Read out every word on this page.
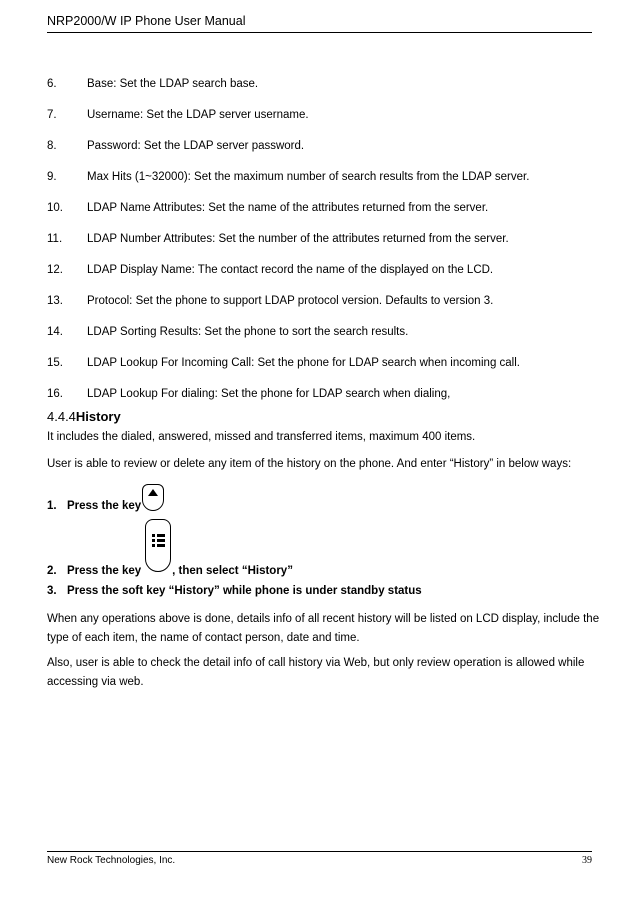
NRP2000/W IP Phone User Manual
6.	Base: Set the LDAP search base.
7.	Username: Set the LDAP server username.
8.	Password: Set the LDAP server password.
9.	Max Hits (1~32000): Set the maximum number of search results from the LDAP server.
10. LDAP Name Attributes: Set the name of the attributes returned from the server.
11. LDAP Number Attributes: Set the number of the attributes returned from the server.
12. LDAP Display Name: The contact record the name of the displayed on the LCD.
13. Protocol: Set the phone to support LDAP protocol version. Defaults to version 3.
14. LDAP Sorting Results: Set the phone to sort the search results.
15. LDAP Lookup For Incoming Call: Set the phone for LDAP search when incoming call.
16. LDAP Lookup For dialing: Set the phone for LDAP search when dialing,
4.4.4History
It includes the dialed, answered, missed and transferred items, maximum 400 items.
User is able to review or delete any item of the history on the phone. And enter “History” in below ways:
1. Press the key
2. Press the key	, then select “History”
3. Press the soft key “History” while phone is under standby status
When any operations above is done, details info of all recent history will be listed on LCD display, include the type of each item, the name of contact person, date and time.
Also, user is able to check the detail info of call history via Web, but only review operation is allowed while accessing via web.
New Rock Technologies, Inc.	39
